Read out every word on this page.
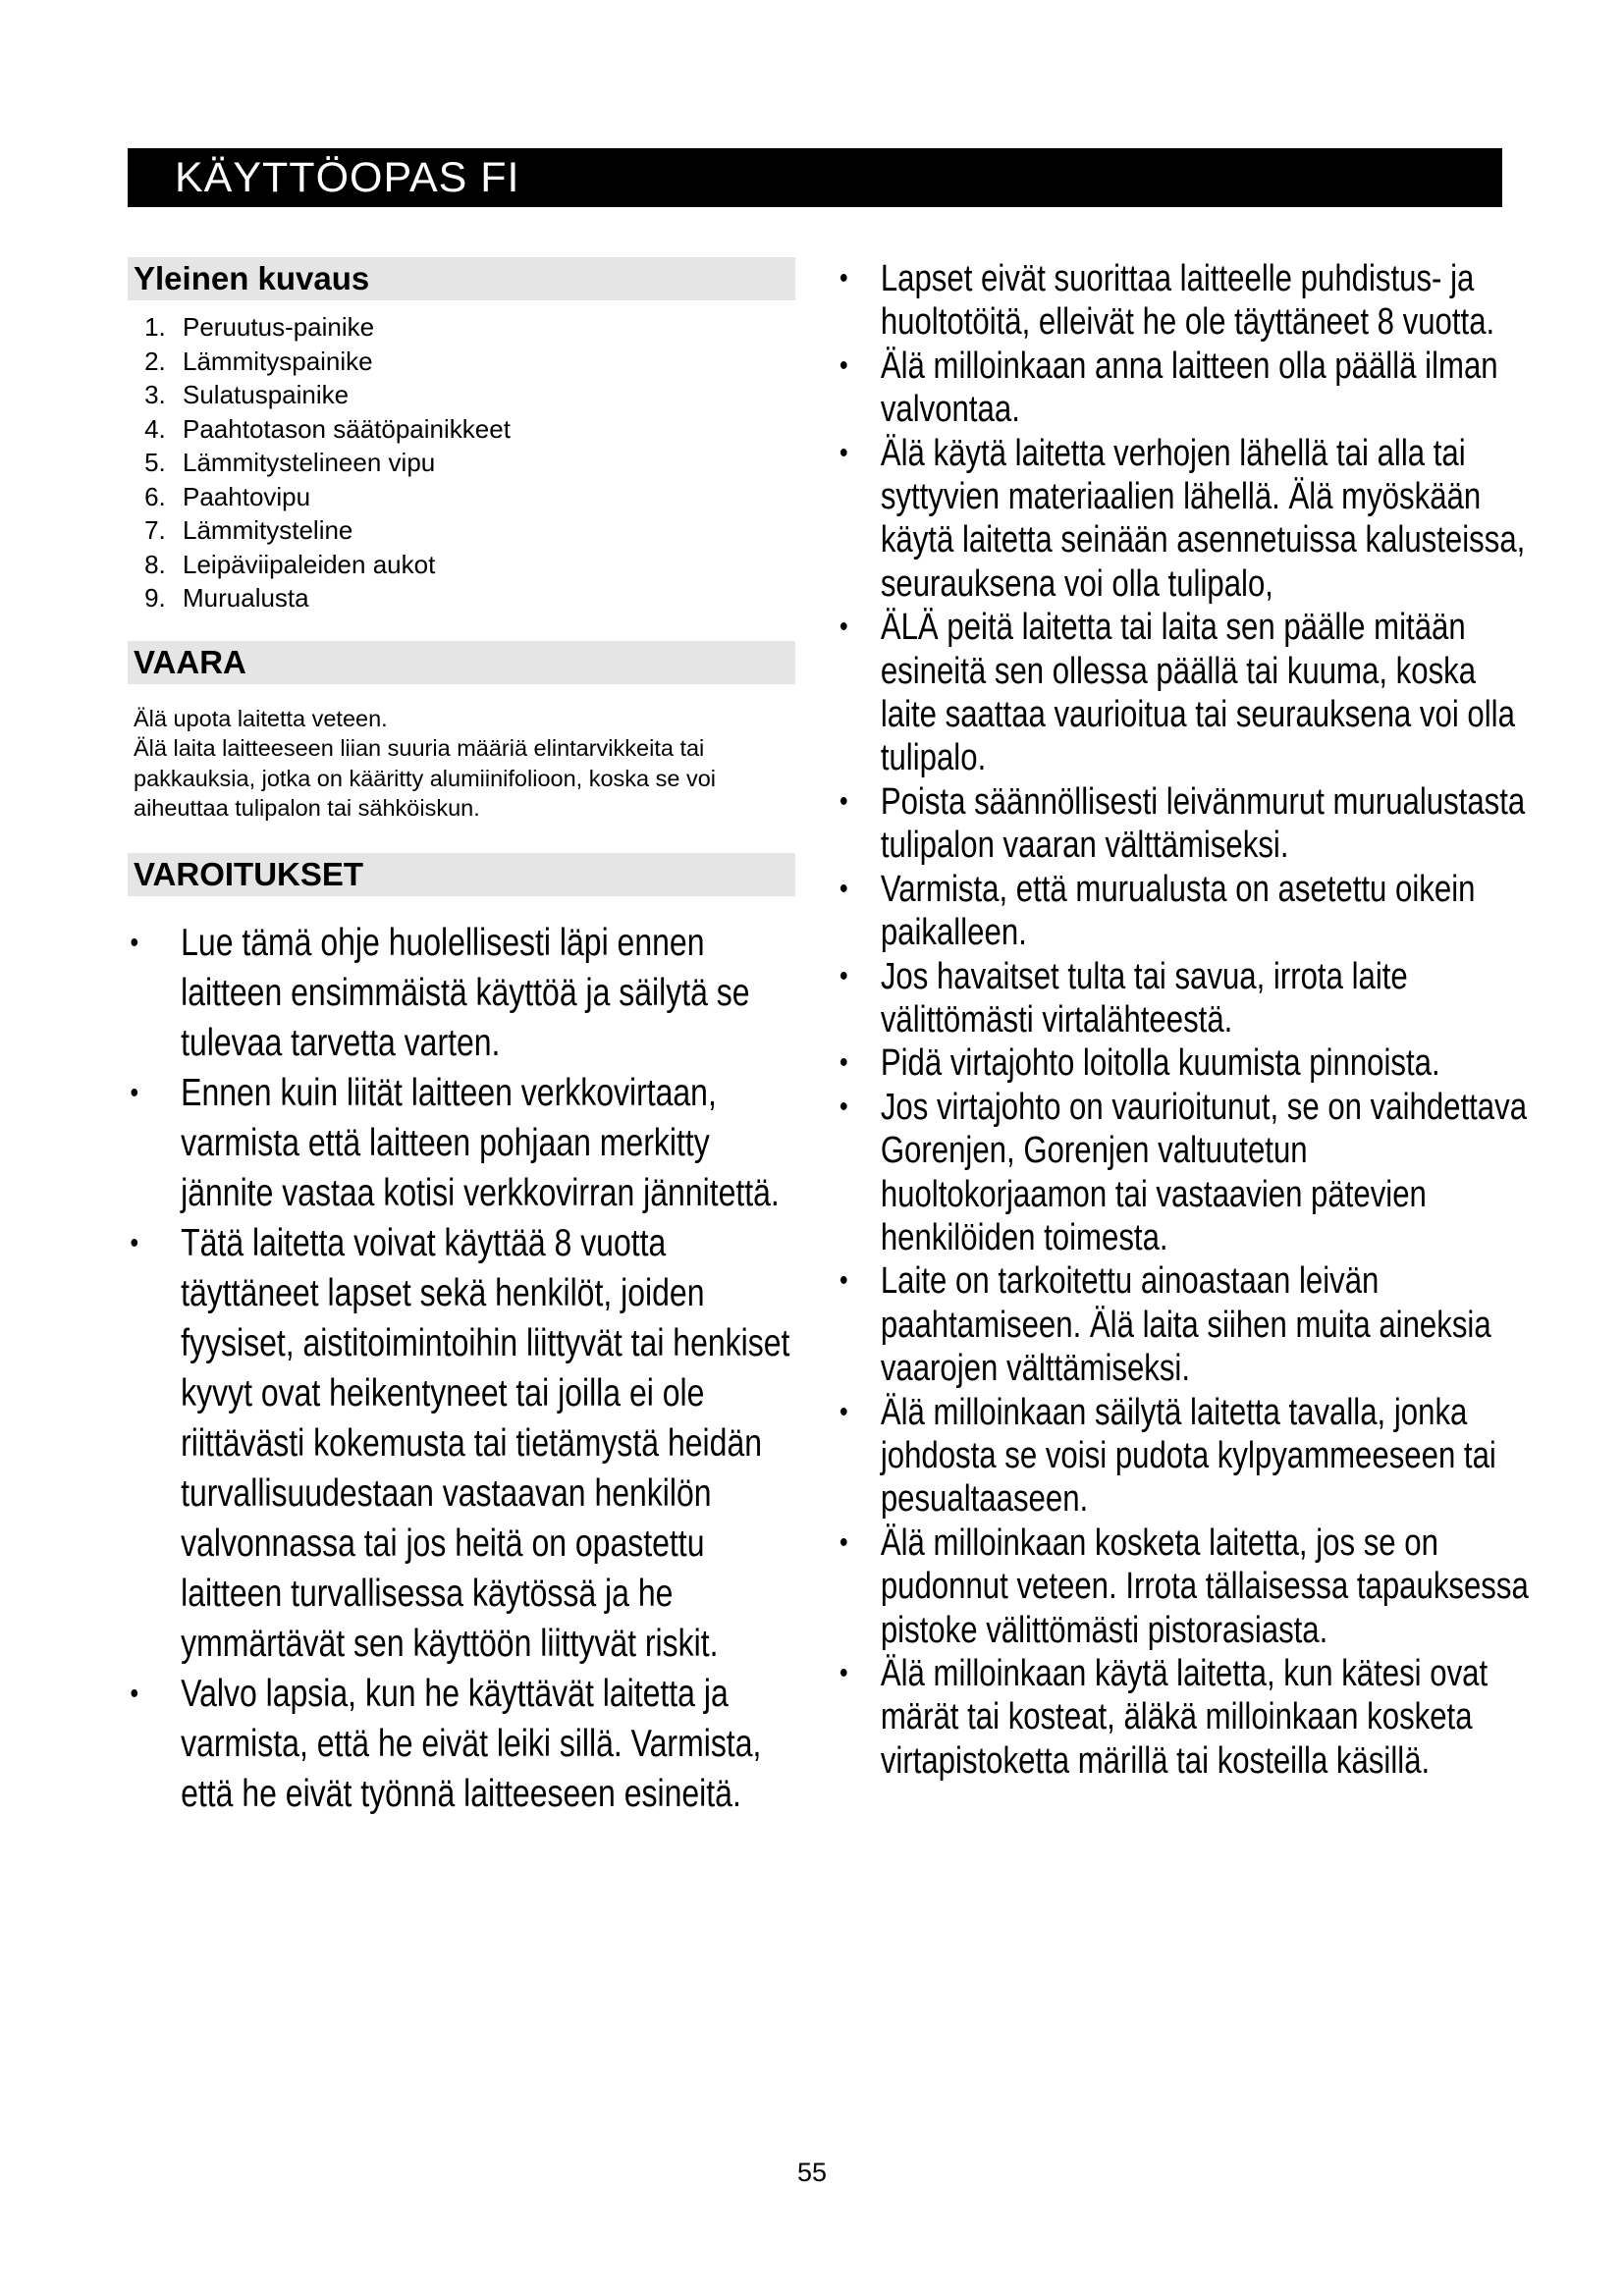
KÄYTTÖOPAS FI
Yleinen kuvaus
1. Peruutus-painike
2. Lämmityspainike
3. Sulatuspainike
4. Paahtotason säätöpainikkeet
5. Lämmitystelineen vipu
6. Paahtovipu
7. Lämmitysteline
8. Leipäviipaleiden aukot
9. Murualusta
VAARA

Älä upota laitetta veteen.

Älä laita laitteeseen liian suuria määriä elintarvikkeita tai pakkauksia, jotka on kääritty alumiinifolioon, koska se voi aiheuttaa tulipalon tai sähköiskun.

VAROITUKSET
• Lue tämä ohje huolellisesti läpi ennen laitteen ensimmäistä käyttöä ja säilytä se tulevaa tarvetta varten.
• Ennen kuin liität laitteen verkkovirtaan, varmista että laitteen pohjaan merkitty jännite vastaa kotisi verkkovirran jännitettä.
• Tätä laitetta voivat käyttää 8 vuotta täyttäneet lapset sekä henkilöt, joiden fyysiset, aistitoimintoihin liittyvät tai henkiset kyvyt ovat heikentyneet tai joilla ei ole riittävästi kokemusta tai tietämystä heidän turvallisuudestaan vastaavan henkilön valvonnassa tai jos heitä on opastettu laitteen turvallisessa käytössä ja he ymmärtävät sen käyttöön liittyvät riskit.
• Valvo lapsia, kun he käyttävät laitetta ja varmista, että he eivät leiki sillä. Varmista, että he eivät työnnä laitteeseen esineitä.
• Lapset eivät suorittaa laitteelle puhdistus- ja huoltotöitä, elleivät he ole täyttäneet 8 vuotta.
• Älä milloinkaan anna laitteen olla päällä ilman valvontaa.
• Älä käytä laitetta verhojen lähellä tai alla tai syttyvien materiaalien lähellä. Älä myöskään käytä laitetta seinään asennetuissa kalusteissa, seurauksena voi olla tulipalo,
• ÄLÄ peitä laitetta tai laita sen päälle mitään esineitä sen ollessa päällä tai kuuma, koska laite saattaa vaurioitua tai seurauksena voi olla tulipalo.
• Poista säännöllisesti leivänmurut murualustasta tulipalon vaaran välttämiseksi.
• Varmista, että murualusta on asetettu oikein paikalleen.
• Jos havaitset tulta tai savua, irrota laite välittömästi virtalähteestä.
• Pidä virtajohto loitolla kuumista pinnoista.
• Jos virtajohto on vaurioitunut, se on vaihdettava Gorenjen, Gorenjen valtuutetun huoltokorjaamon tai vastaavien pätevien henkilöiden toimesta.
• Laite on tarkoitettu ainoastaan leivän paahtamiseen. Älä laita siihen muita aineksia vaarojen välttämiseksi.
• Älä milloinkaan säilytä laitetta tavalla, jonka johdosta se voisi pudota kylpyammeeseen tai pesualtaaseen.
• Älä milloinkaan kosketa laitetta, jos se on pudonnut veteen. Irrota tällaisessa tapauksessa pistoke välittömästi pistorasiasta.
• Älä milloinkaan käytä laitetta, kun kätesi ovat märät tai kosteat, äläkä milloinkaan kosketa virtapistoketta märillä tai kosteilla käsillä.
55
